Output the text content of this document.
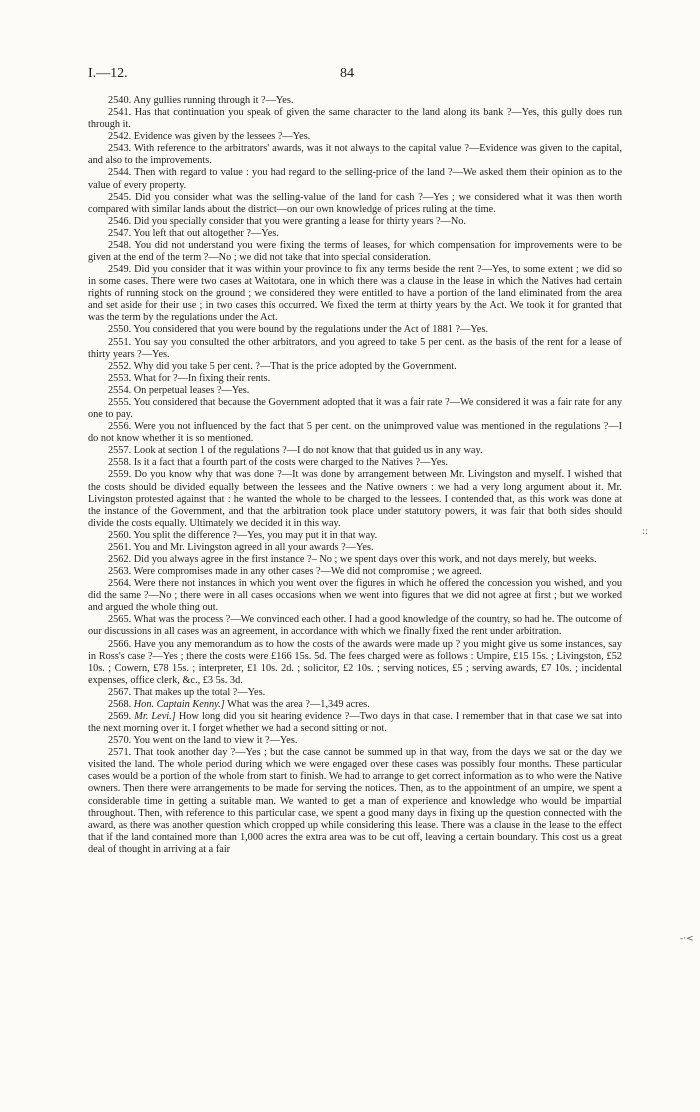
I.—12.	84

2540. Any gullies running through it ?—Yes.

2541. Has that continuation you speak of given the same character to the land along its bank ?—Yes, this gully does run through it.

2542. Evidence was given by the lessees ?—Yes.

2543. With reference to the arbitrators' awards, was it not always to the capital value ?—Evidence was given to the capital, and also to the improvements.

2544. Then with regard to value : you had regard to the selling-price of the land ?—We asked them their opinion as to the value of every property.

2545. Did you consider what was the selling-value of the land for cash ?—Yes ; we considered what it was then worth compared with similar lands about the district—on our own knowledge of prices ruling at the time.

2546. Did you specially consider that you were granting a lease for thirty years ?—No.

2547. You left that out altogether ?—Yes.

2548. You did not understand you were fixing the terms of leases, for which compensation for improvements were to be given at the end of the term ?—No ; we did not take that into special consideration.

2549. Did you consider that it was within your province to fix any terms beside the rent ?—Yes, to some extent ; we did so in some cases. There were two cases at Waitotara, one in which there was a clause in the lease in which the Natives had certain rights of running stock on the ground ; we considered they were entitled to have a portion of the land eliminated from the area and set aside for their use ; in two cases this occurred. We fixed the term at thirty years by the Act. We took it for granted that was the term by the regulations under the Act.

2550. You considered that you were bound by the regulations under the Act of 1881 ?—Yes.

2551. You say you consulted the other arbitrators, and you agreed to take 5 per cent. as the basis of the rent for a lease of thirty years ?—Yes.

2552. Why did you take 5 per cent. ?—That is the price adopted by the Government.

2553. What for ?—In fixing their rents.

2554. On perpetual leases ?—Yes.

2555. You considered that because the Government adopted that it was a fair rate ?—We considered it was a fair rate for any one to pay.

2556. Were you not influenced by the fact that 5 per cent. on the unimproved value was mentioned in the regulations ?—I do not know whether it is so mentioned.

2557. Look at section 1 of the regulations ?—I do not know that that guided us in any way.

2558. Is it a fact that a fourth part of the costs were charged to the Natives ?—Yes.

2559. Do you know why that was done ?—It was done by arrangement between Mr. Livingston and myself. I wished that the costs should be divided equally between the lessees and the Native owners : we had a very long argument about it. Mr. Livingston protested against that : he wanted the whole to be charged to the lessees. I contended that, as this work was done at the instance of the Government, and that the arbitration took place under statutory powers, it was fair that both sides should divide the costs equally. Ultimately we decided it in this way.

2560. You split the difference ?—Yes, you may put it in that way.

2561. You and Mr. Livingston agreed in all your awards ?—Yes.

2562. Did you always agree in the first instance ?– No ; we spent days over this work, and not days merely, but weeks.

2563. Were compromises made in any other cases ?—We did not compromise ; we agreed.

2564. Were there not instances in which you went over the figures in which he offered the concession you wished, and you did the same ?—No ; there were in all cases occasions when we went into figures that we did not agree at first ; but we worked and argued the whole thing out.

2565. What was the process ?—We convinced each other. I had a good knowledge of the country, so had he. The outcome of our discussions in all cases was an agreement, in accordance with which we finally fixed the rent under arbitration.

2566. Have you any memorandum as to how the costs of the awards were made up ? you might give us some instances, say in Ross's case ?—Yes ; there the costs were £166 15s. 5d. The fees charged were as follows : Umpire, £15 15s. ; Livingston, £52 10s. ; Cowern, £78 15s. ; interpreter, £1 10s. 2d. ; solicitor, £2 10s. ; serving notices, £5 ; serving awards, £7 10s. ; incidental expenses, office clerk, &c., £3 5s. 3d.

2567. That makes up the total ?—Yes.

2568. Hon. Captain Kenny.] What was the area ?—1,349 acres.

2569. Mr. Levi.] How long did you sit hearing evidence ?—Two days in that case. I remember that in that case we sat into the next morning over it. I forget whether we had a second sitting or not.

2570. You went on the land to view it ?—Yes.

2571. That took another day ?—Yes ; but the case cannot be summed up in that way, from the days we sat or the day we visited the land. The whole period during which we were engaged over these cases was possibly four months. These particular cases would be a portion of the whole from start to finish. We had to arrange to get correct information as to who were the Native owners. Then there were arrangements to be made for serving the notices. Then, as to the appointment of an umpire, we spent a considerable time in getting a suitable man. We wanted to get a man of experience and knowledge who would be impartial throughout. Then, with reference to this particular case, we spent a good many days in fixing up the question connected with the award, as there was another question which cropped up while considering this lease. There was a clause in the lease to the effect that if the land contained more than 1,000 acres the extra area was to be cut off, leaving a certain boundary. This cost us a great deal of thought in arriving at a fair

::
-·<
